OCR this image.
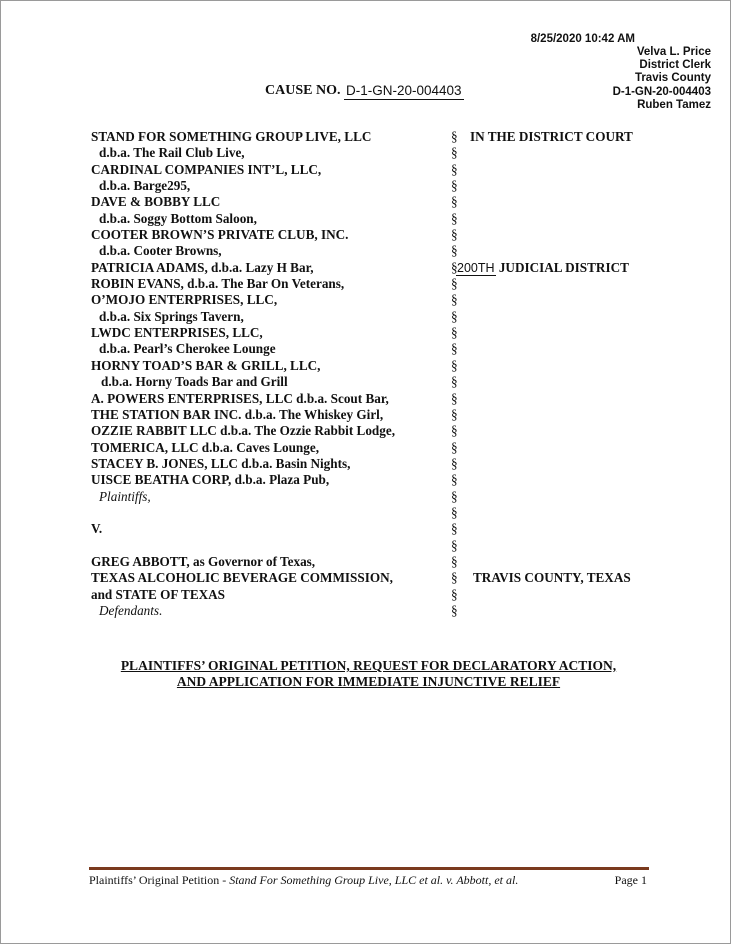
8/25/2020 10:42 AM
Velva L. Price
District Clerk
Travis County
D-1-GN-20-004403
Ruben Tamez
CAUSE NO. D-1-GN-20-004403
STAND FOR SOMETHING GROUP LIVE, LLC	§ IN THE DISTRICT COURT
d.b.a. The Rail Club Live,	§
CARDINAL COMPANIES INT’L, LLC,	§
d.b.a. Barge295,	§
DAVE & BOBBY LLC	§
d.b.a. Soggy Bottom Saloon,	§
COOTER BROWN’S PRIVATE CLUB, INC.	§
d.b.a. Cooter Browns,	§
PATRICIA ADAMS, d.b.a. Lazy H Bar,	§ 200TH JUDICIAL DISTRICT
ROBIN EVANS, d.b.a. The Bar On Veterans,	§
O’MOJO ENTERPRISES, LLC,	§
d.b.a. Six Springs Tavern,	§
LWDC ENTERPRISES, LLC,	§
d.b.a. Pearl’s Cherokee Lounge	§
HORNY TOAD’S BAR & GRILL, LLC,	§
d.b.a. Horny Toads Bar and Grill	§
A. POWERS ENTERPRISES, LLC d.b.a. Scout Bar,	§
THE STATION BAR INC. d.b.a. The Whiskey Girl,	§
OZZIE RABBIT LLC d.b.a. The Ozzie Rabbit Lodge,	§
TOMERICA, LLC d.b.a. Caves Lounge,	§
STACEY B. JONES, LLC d.b.a. Basin Nights,	§
UISCE BEATHA CORP, d.b.a. Plaza Pub,	§
Plaintiffs,	§
§
V.	§
§
GREG ABBOTT, as Governor of Texas,	§
TEXAS ALCOHOLIC BEVERAGE COMMISSION,	§ TRAVIS COUNTY, TEXAS
and STATE OF TEXAS	§
Defendants.	§
PLAINTIFFS’ ORIGINAL PETITION, REQUEST FOR DECLARATORY ACTION,
AND APPLICATION FOR IMMEDIATE INJUNCTIVE RELIEF
Plaintiffs’ Original Petition - Stand For Something Group Live, LLC et al. v. Abbott, et al.	Page 1
